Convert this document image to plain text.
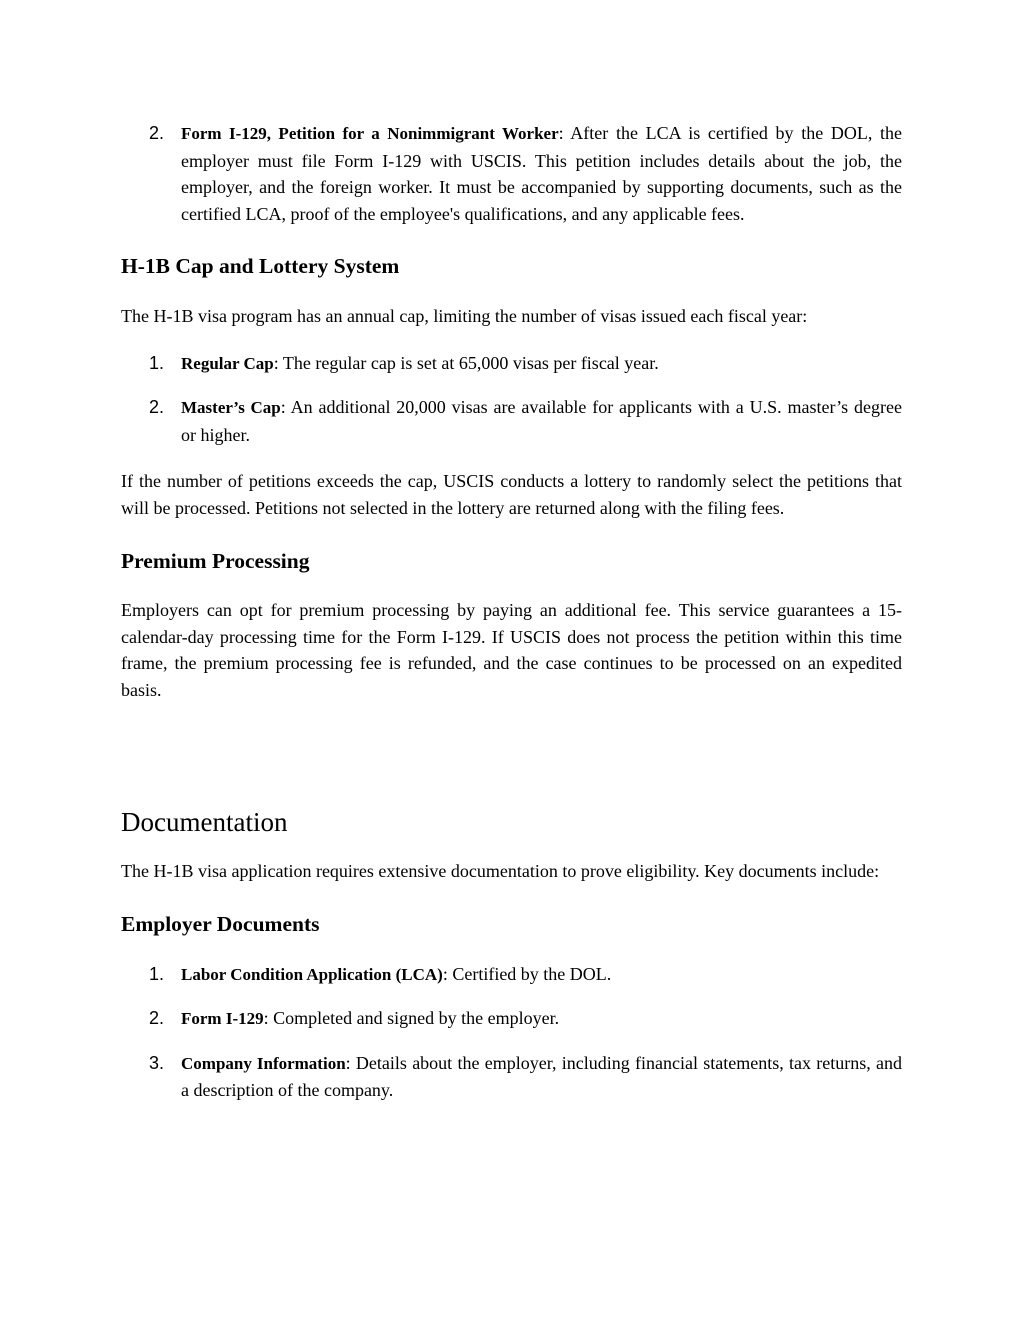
2. Form I-129, Petition for a Nonimmigrant Worker: After the LCA is certified by the DOL, the employer must file Form I-129 with USCIS. This petition includes details about the job, the employer, and the foreign worker. It must be accompanied by supporting documents, such as the certified LCA, proof of the employee's qualifications, and any applicable fees.
H-1B Cap and Lottery System

The H-1B visa program has an annual cap, limiting the number of visas issued each fiscal year:

1. Regular Cap: The regular cap is set at 65,000 visas per fiscal year.
2. Master’s Cap: An additional 20,000 visas are available for applicants with a U.S. master’s degree or higher.

If the number of petitions exceeds the cap, USCIS conducts a lottery to randomly select the petitions that will be processed. Petitions not selected in the lottery are returned along with the filing fees.

Premium Processing

Employers can opt for premium processing by paying an additional fee. This service guarantees a 15-calendar-day processing time for the Form I-129. If USCIS does not process the petition within this time frame, the premium processing fee is refunded, and the case continues to be processed on an expedited basis.

Documentation

The H-1B visa application requires extensive documentation to prove eligibility. Key documents include:

Employer Documents
1. Labor Condition Application (LCA): Certified by the DOL.
2. Form I-129: Completed and signed by the employer.
3. Company Information: Details about the employer, including financial statements, tax returns, and a description of the company.
